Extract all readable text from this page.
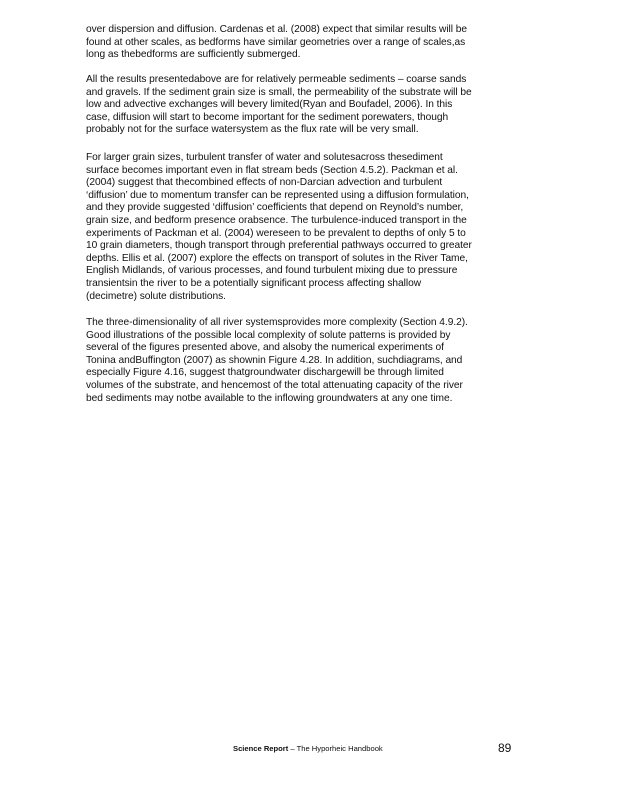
over dispersion and diffusion. Cardenas et al. (2008) expect that similar results will be
found at other scales, as bedforms have similar geometries over a range of scales,as
long as thebedforms are sufficiently submerged.
All the results presentedabove are for relatively permeable sediments – coarse sands
and gravels. If the sediment grain size is small, the permeability of the substrate will be
low and advective exchanges will bevery limited(Ryan and Boufadel, 2006). In this
case, diffusion will start to become important for the sediment porewaters, though
probably not for the surface watersystem as the flux rate will be very small.
For larger grain sizes, turbulent transfer of water and solutesacross thesediment
surface becomes important even in flat stream beds (Section 4.5.2). Packman et al.
(2004) suggest that thecombined effects of non-Darcian advection and turbulent
‘diffusion’ due to momentum transfer can be represented using a diffusion formulation,
and they provide suggested ‘diffusion’ coefficients that depend on Reynold’s number,
grain size, and bedform presence orabsence. The turbulence-induced transport in the
experiments of Packman et al. (2004) wereseen to be prevalent to depths of only 5 to
10 grain diameters, though transport through preferential pathways occurred to greater
depths. Ellis et al. (2007) explore the effects on transport of solutes in the River Tame,
English Midlands, of various processes, and found turbulent mixing due to pressure
transientsin the river to be a potentially significant process affecting shallow
(decimetre) solute distributions.
The three-dimensionality of all river systemsprovides more complexity (Section 4.9.2).
Good illustrations of the possible local complexity of solute patterns is provided by
several of the figures presented above, and alsoby the numerical experiments of
Tonina andBuffington (2007) as shownin Figure 4.28. In addition, suchdiagrams, and
especially Figure 4.16, suggest thatgroundwater dischargewill be through limited
volumes of the substrate, and hencemost of the total attenuating capacity of the river
bed sediments may notbe available to the inflowing groundwaters at any one time.
Science Report – The Hyporheic Handbook	89
